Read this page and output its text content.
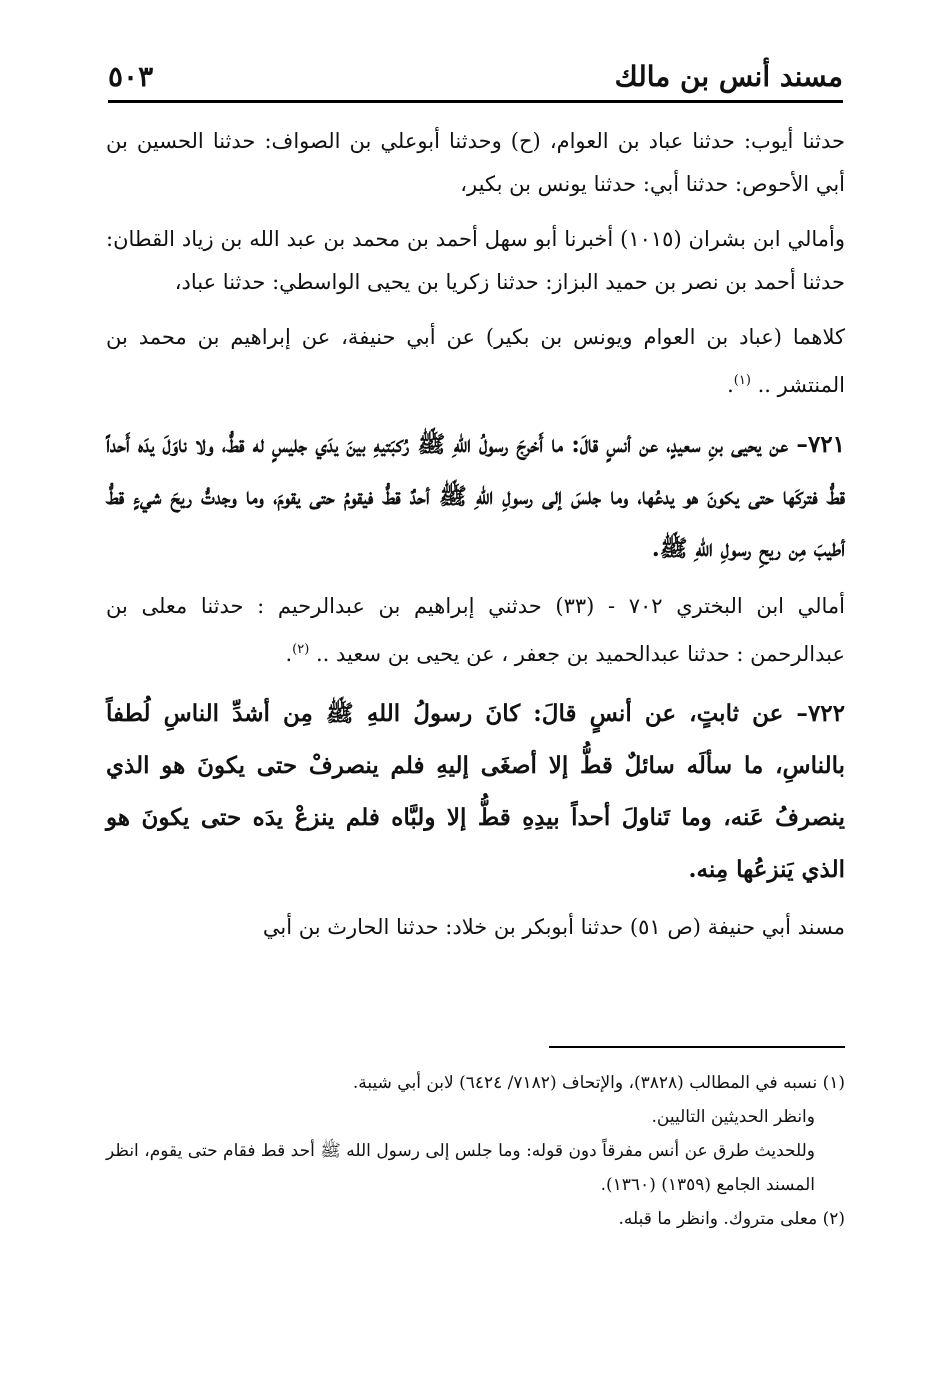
مسند أنس بن مالك
٥٠٣

حدثنا أيوب: حدثنا عباد بن العوام، (ح) وحدثنا أبوعلي بن الصواف: حدثنا الحسين بن أبي الأحوص: حدثنا أبي: حدثنا يونس بن بكير،

وأمالي ابن بشران (١٠١٥) أخبرنا أبو سهل أحمد بن محمد بن عبد الله بن زياد القطان: حدثنا أحمد بن نصر بن حميد البزاز: حدثنا زكريا بن يحيى الواسطي: حدثنا عباد،

كلاهما (عباد بن العوام ويونس بن بكير) عن أبي حنيفة، عن إبراهيم بن محمد بن المنتشر .. $^{(١)}$.

٧٢١– عن يحيى بنِ سعيدٍ، عن أنسٍ قالَ: ما أَخرجَ رسولُ اللهِ ﷺ رُكبَتيهِ بينَ يدَي جليسٍ له قطُّ، ولا ناوَلَ يدَه أَحداً قطُّ فتركَها حتى يكونَ هو يدعُها، وما جلسَ إلى رسولِ اللهِ ﷺ أحدٌ قطُّ فيقومُ حتى يقومَ، وما وجدتُّ ريحَ شيءٍ قطُّ أطيبَ مِن ريحِ رسولِ اللهِ ﷺ.

أمالي ابن البختري ٧٠٢ - (٣٣) حدثني إبراهيم بن عبدالرحيم : حدثنا معلى بن عبدالرحمن : حدثنا عبدالحميد بن جعفر ، عن يحيى بن سعيد .. $^{(٢)}$.

٧٢٢– عن ثابتٍ، عن أنسٍ قالَ: كانَ رسولُ اللهِ ﷺ مِن أشدِّ الناسِ لُطفاً بالناسِ، ما سألَه سائلٌ قطُّ إلا أصغَى إليهِ فلم ينصرفْ حتى يكونَ هو الذي ينصرفُ عَنه، وما تَناولَ أحداً بيدِهِ قطُّ إلا ولبَّاه فلم ينزعْ يدَه حتى يكونَ هو الذي يَنزعُها مِنه.

مسند أبي حنيفة (ص ٥١) حدثنا أبوبكر بن خلاد: حدثنا الحارث بن أبي

(١) نسبه في المطالب (٣٨٢٨)، والإتحاف (٧١٨٢/ ٦٤٢٤) لابن أبي شيبة.

وانظر الحديثين التاليين.

وللحديث طرق عن أنس مفرقاً دون قوله: وما جلس إلى رسول الله ﷺ أحد قط فقام حتى يقوم، انظر المسند الجامع (١٣٥٩) (١٣٦٠).

(٢) معلى متروك. وانظر ما قبله.
